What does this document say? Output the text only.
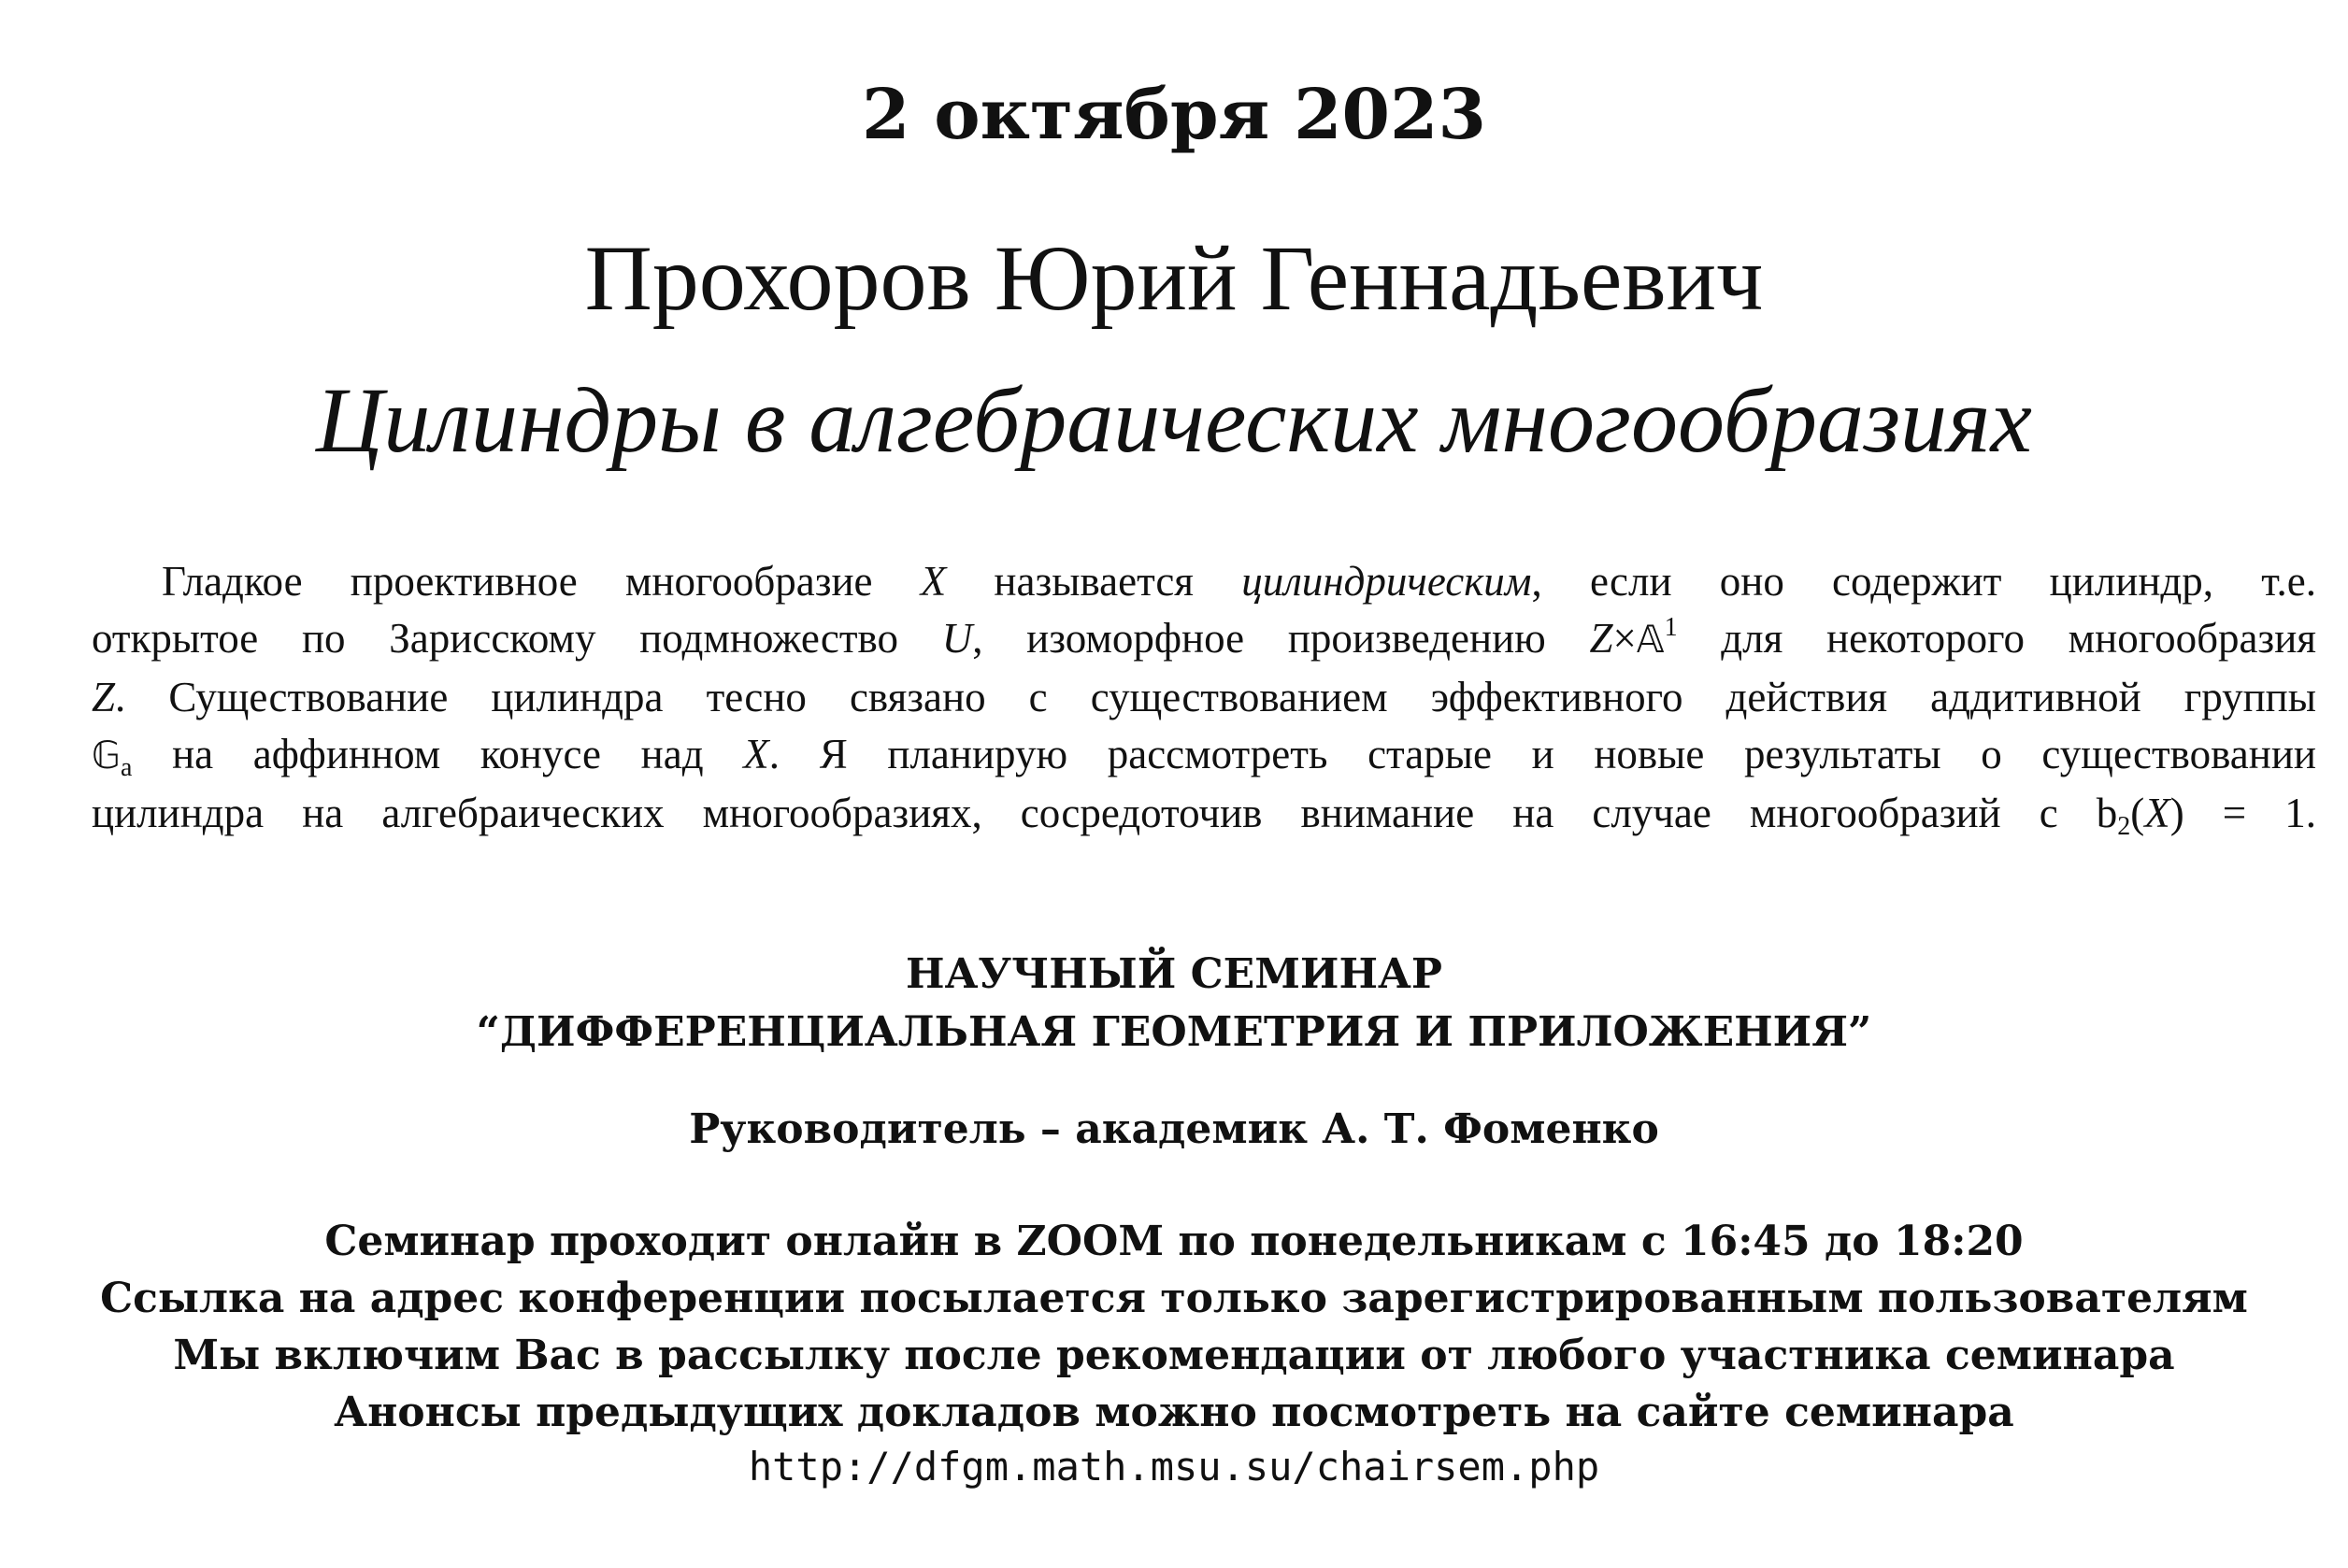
2 октября 2023
Прохоров Юрий Геннадьевич
Цилиндры в алгебраических многообразиях
Гладкое проективное многообразие X называется цилиндрическим, если оно содержит цилиндр, т.е.
открытое по Зарисскому подмножество U, изоморфное произведению Z×𝔸$^1$ для некоторого многообразия
Z. Существование цилиндра тесно связано с существованием эффективного действия аддитивной группы
𝔾$_a$ на аффинном конусе над X. Я планирую рассмотреть старые и новые результаты о существовании
цилиндра на алгебраических многообразиях, сосредоточив внимание на случае многообразий с $b_2(X) = 1$.
НАУЧНЫЙ СЕМИНАР
“ДИФФЕРЕНЦИАЛЬНАЯ ГЕОМЕТРИЯ И ПРИЛОЖЕНИЯ”
Руководитель – академик А. Т. Фоменко
Семинар проходит онлайн в ZOOM по понедельникам с 16:45 до 18:20
Ссылка на адрес конференции посылается только зарегистрированным пользователям
Мы включим Вас в рассылку после рекомендации от любого участника семинара
Анонсы предыдущих докладов можно посмотреть на сайте семинара
http://dfgm.math.msu.su/chairsem.php
